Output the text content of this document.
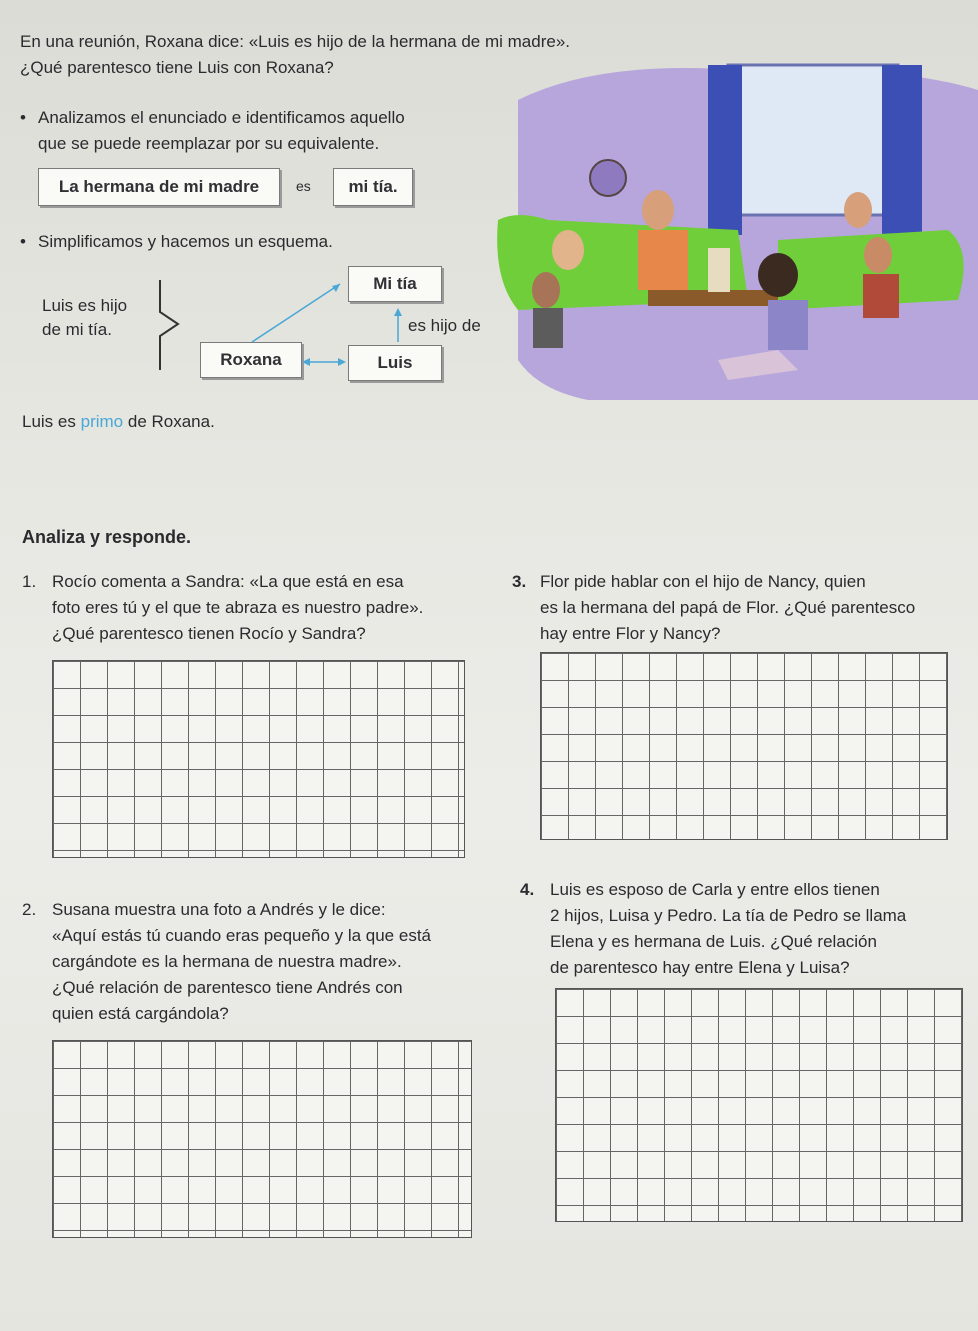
En una reunión, Roxana dice: «Luis es hijo de la hermana de mi madre».
¿Qué parentesco tiene Luis con Roxana?
• Analizamos el enunciado e identificamos aquello
que se puede reemplazar por su equivalente.
La hermana de mi madre	es	mi tía.
• Simplificamos y hacemos un esquema.
Luis es hijo
de mi tía.
Mi tía
Roxana	Luis
es hijo de
Luis es primo de Roxana.
Analiza y responde.
1. Rocío comenta a Sandra: «La que está en esa
foto eres tú y el que te abraza es nuestro padre».
¿Qué parentesco tienen Rocío y Sandra?
3. Flor pide hablar con el hijo de Nancy, quien
es la hermana del papá de Flor. ¿Qué parentesco
hay entre Flor y Nancy?
2. Susana muestra una foto a Andrés y le dice:
«Aquí estás tú cuando eras pequeño y la que está
cargándote es la hermana de nuestra madre».
¿Qué relación de parentesco tiene Andrés con
quien está cargándola?
4. Luis es esposo de Carla y entre ellos tienen
2 hijos, Luisa y Pedro. La tía de Pedro se llama
Elena y es hermana de Luis. ¿Qué relación
de parentesco hay entre Elena y Luisa?
